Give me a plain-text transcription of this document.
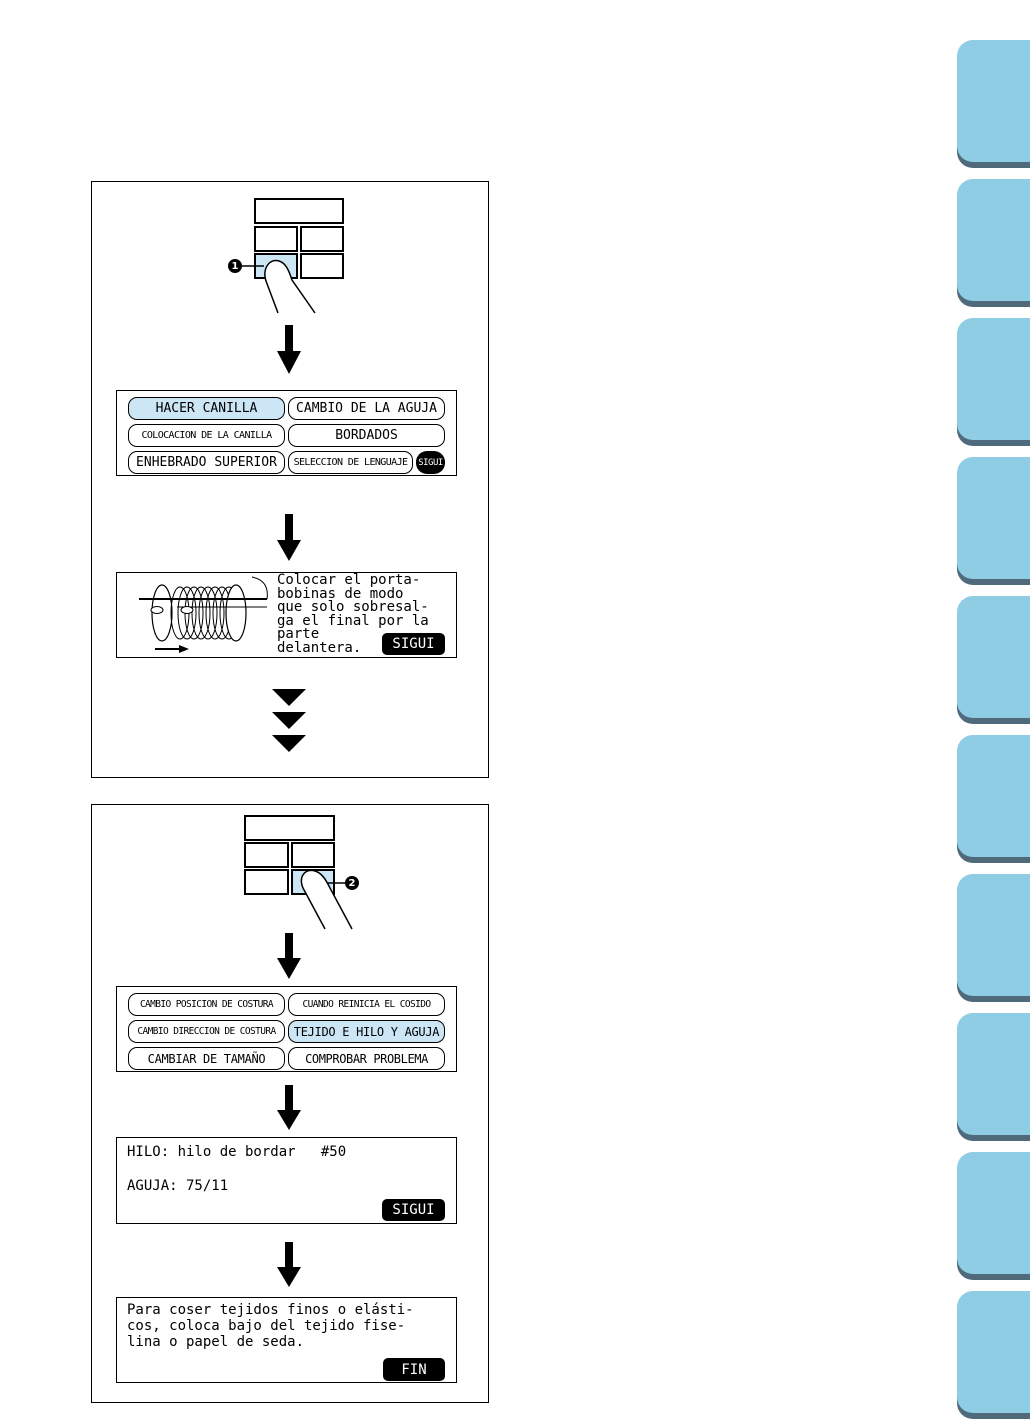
1
HACER CANILLA	CAMBIO DE LA AGUJA
COLOCACION DE LA CANILLA	BORDADOS
ENHEBRADO SUPERIOR	SELECCION DE LENGUAJE	SIGUI
Colocar el porta-
bobinas de modo
que solo sobresal-
ga el final por la
parte
delantera.	SIGUI
2
CAMBIO POSICION DE COSTURA	CUANDO REINICIA EL COSIDO
CAMBIO DIRECCION DE COSTURA	TEJIDO E HILO Y AGUJA
CAMBIAR DE TAMAÑO	COMPROBAR PROBLEMA
HILO: hilo de bordar   #50
AGUJA: 75/11
SIGUI
Para coser tejidos finos o elásti-
cos, coloca bajo del tejido fise-
lina o papel de seda.
FIN
